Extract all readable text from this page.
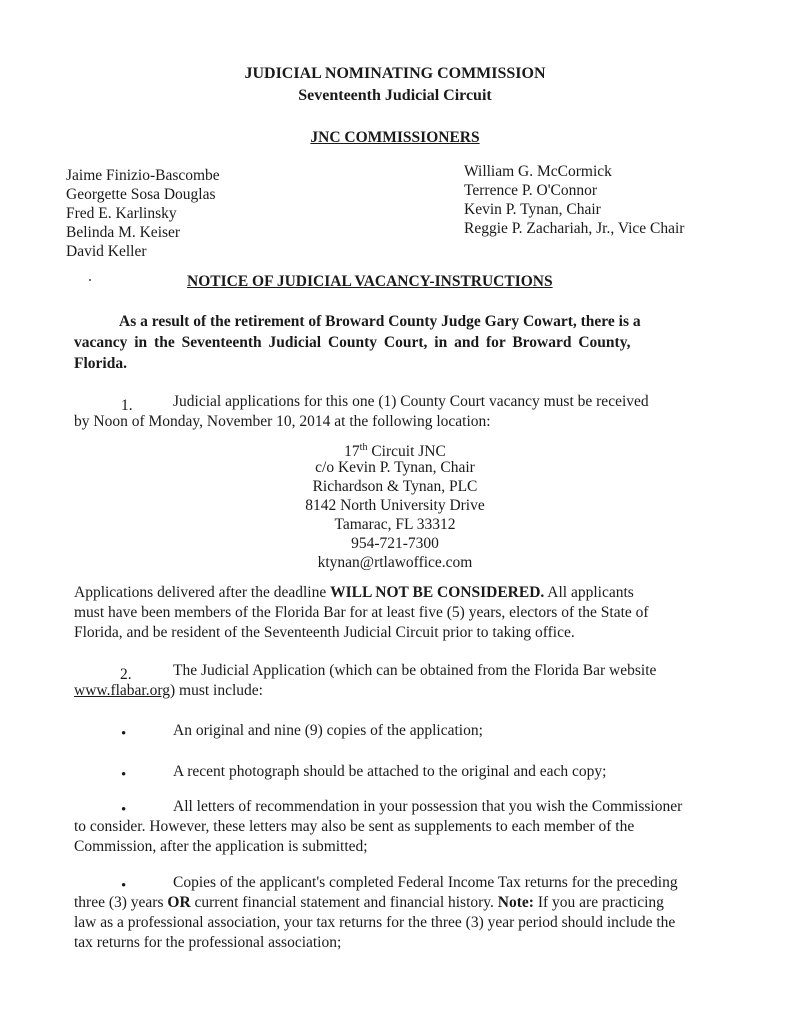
JUDICIAL NOMINATING COMMISSION
Seventeenth Judicial Circuit
JNC COMMISSIONERS
Jaime Finizio-Bascombe
Georgette Sosa Douglas
Fred E. Karlinsky
Belinda M. Keiser
David Keller
William G. McCormick
Terrence P. O'Connor
Kevin P. Tynan, Chair
Reggie P. Zachariah, Jr., Vice Chair
NOTICE OF JUDICIAL VACANCY-INSTRUCTIONS
As a result of the retirement of Broward County Judge Gary Cowart, there is a
vacancy in the Seventeenth Judicial County Court, in and for Broward County,
Florida.
1.	Judicial applications for this one (1) County Court vacancy must be received
by Noon of Monday, November 10, 2014 at the following location:
17th Circuit JNC
c/o Kevin P. Tynan, Chair
Richardson & Tynan, PLC
8142 North University Drive
Tamarac, FL 33312
954-721-7300
ktynan@rtlawoffice.com
Applications delivered after the deadline WILL NOT BE CONSIDERED. All applicants
must have been members of the Florida Bar for at least five (5) years, electors of the State of
Florida, and be resident of the Seventeenth Judicial Circuit prior to taking office.
2.	The Judicial Application (which can be obtained from the Florida Bar website
www.flabar.org) must include:
•	An original and nine (9) copies of the application;
•	A recent photograph should be attached to the original and each copy;
•	All letters of recommendation in your possession that you wish the Commissioner
to consider. However, these letters may also be sent as supplements to each member of the
Commission, after the application is submitted;
•	Copies of the applicant's completed Federal Income Tax returns for the preceding
three (3) years OR current financial statement and financial history. Note: If you are practicing
law as a professional association, your tax returns for the three (3) year period should include the
tax returns for the professional association;
